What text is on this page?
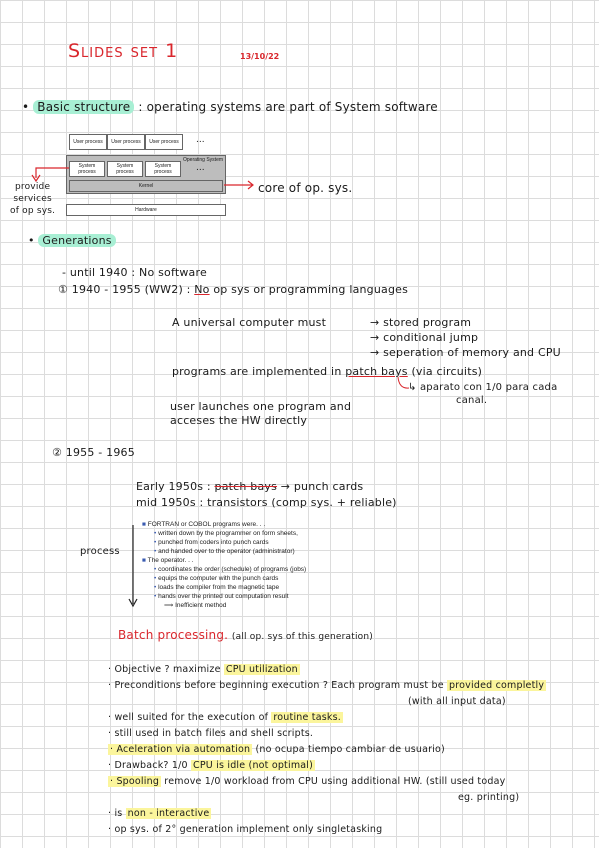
Slides set 1	13/10/22
• Basic structure : operating systems are part of System software
User process	User process	User process	...
Operating System
System process
System process
System process	...
Kernel
Hardware
provide
services
of op sys.
core of op. sys.
• Generations
- until 1940 : No software
① 1940 - 1955 (WW2) : No op sys or programming languages
A universal computer must	→ stored program
→ conditional jump
→ seperation of memory and CPU
programs are implemented in patch bays (via circuits)
↳ aparato con 1/0 para cada
canal.
user launches one program and
acceses the HW directly
② 1955 - 1965
Early 1950s : patch bays → punch cards
mid 1950s : transistors (comp sys. + reliable)
process
■ FORTRAN or COBOL programs were. . .
• written down by the programmer on form sheets,
• punched from coders into punch cards
• and handed over to the operator (administrator)
■ The operator. . .
• coordinates the order (schedule) of programs (jobs)
• equips the computer with the punch cards
• loads the compiler from the magnetic tape
• hands over the printed out computation result
⟹ Inefficient method
Batch processing. (all op. sys of this generation)
· Objective ? maximize CPU utilization
· Preconditions before beginning execution ? Each program must be provided completly
(with all input data)
· well suited for the execution of routine tasks.
· still used in batch files and shell scripts.
· Aceleration via automation (no ocupa tiempo cambiar de usuario)
· Drawback? 1/0 CPU is idle (not optimal)
· Spooling remove 1/0 workload from CPU using additional HW. (still used today
eg. printing)
· is non - interactive
· op sys. of 2° generation implement only singletasking
